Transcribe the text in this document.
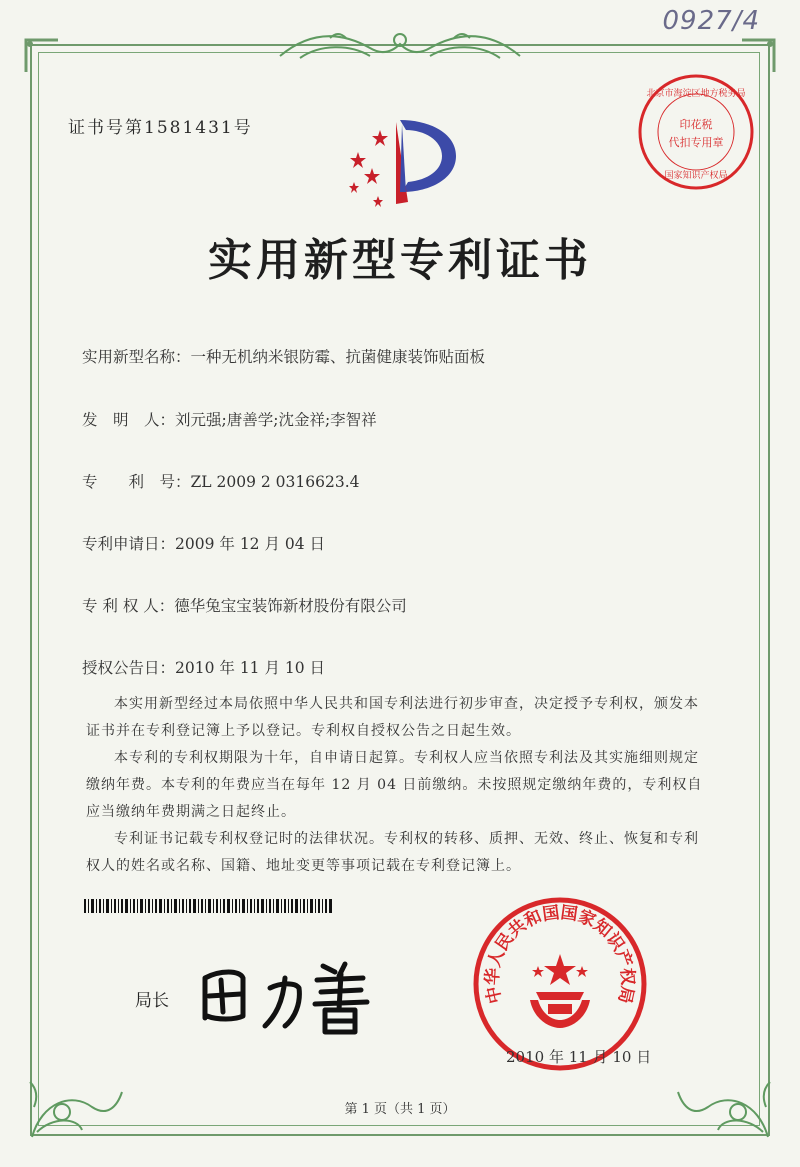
0927/4
证书号第1581431号
北京市海淀区地方税务局
印花税
代扣专用章
国家知识产权局
实用新型专利证书
实用新型名称：一种无机纳米银防霉、抗菌健康装饰贴面板
发　明　人：刘元强;唐善学;沈金祥;李智祥
专　　利　号：ZL 2009 2 0316623.4
专利申请日：2009 年 12 月 04 日
专 利 权 人：德华兔宝宝装饰新材股份有限公司
授权公告日：2010 年 11 月 10 日
本实用新型经过本局依照中华人民共和国专利法进行初步审查，决定授予专利权，颁发本证书并在专利登记簿上予以登记。专利权自授权公告之日起生效。
本专利的专利权期限为十年，自申请日起算。专利权人应当依照专利法及其实施细则规定缴纳年费。本专利的年费应当在每年 12 月 04 日前缴纳。未按照规定缴纳年费的，专利权自应当缴纳年费期满之日起终止。
专利证书记载专利权登记时的法律状况。专利权的转移、质押、无效、终止、恢复和专利权人的姓名或名称、国籍、地址变更等事项记载在专利登记簿上。
局长	中华人民共和国国家知识产权局
2010 年 11 月 10 日
第 1 页（共 1 页）
